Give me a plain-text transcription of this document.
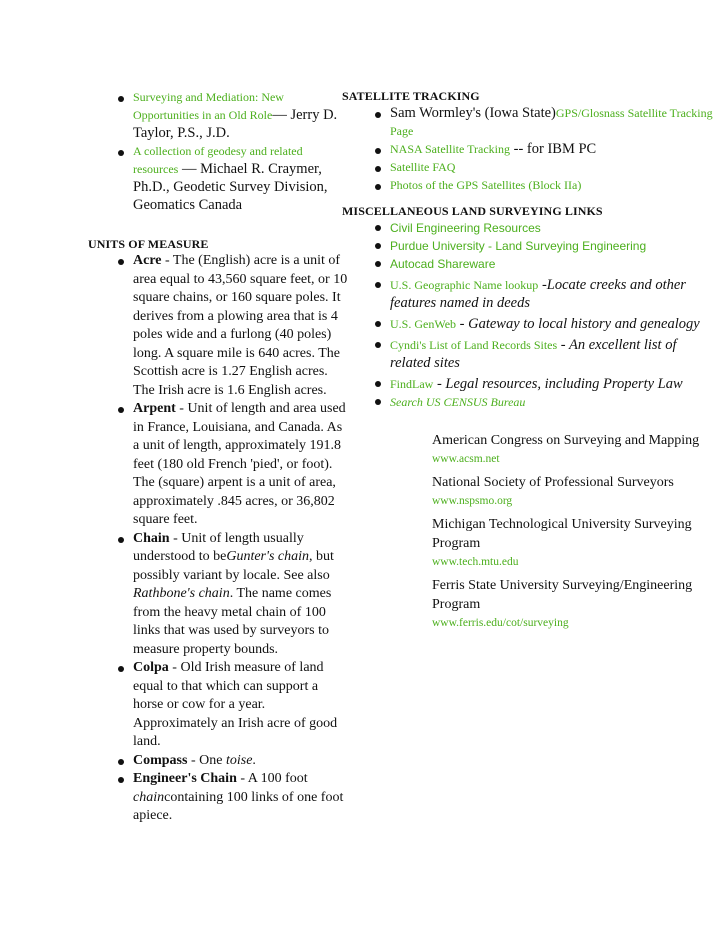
Surveying and Mediation: New Opportunities in an Old Role— Jerry D. Taylor, P.S., J.D.
A collection of geodesy and related resources — Michael R. Craymer, Ph.D., Geodetic Survey Division, Geomatics Canada
UNITS OF MEASURE
Acre - The (English) acre is a unit of area equal to 43,560 square feet, or 10 square chains, or 160 square poles. It derives from a plowing area that is 4 poles wide and a furlong (40 poles) long. A square mile is 640 acres. The Scottish acre is 1.27 English acres. The Irish acre is 1.6 English acres.
Arpent - Unit of length and area used in France, Louisiana, and Canada. As a unit of length, approximately 191.8 feet (180 old French 'pied', or foot). The (square) arpent is a unit of area, approximately .845 acres, or 36,802 square feet.
Chain - Unit of length usually understood to beGunter's chain, but possibly variant by locale. See also Rathbone's chain. The name comes from the heavy metal chain of 100 links that was used by surveyors to measure property bounds.
Colpa - Old Irish measure of land equal to that which can support a horse or cow for a year. Approximately an Irish acre of good land.
Compass - One toise.
Engineer's Chain - A 100 foot chaincontaining 100 links of one foot apiece.
SATELLITE TRACKING
Sam Wormley's (Iowa State)GPS/Glosnass Satellite Tracking Page
NASA Satellite Tracking -- for IBM PC
Satellite FAQ
Photos of the GPS Satellites (Block IIa)
MISCELLANEOUS LAND SURVEYING LINKS
Civil Engineering Resources
Purdue University - Land Surveying Engineering
Autocad Shareware
U.S. Geographic Name lookup -Locate creeks and other features named in deeds
U.S. GenWeb - Gateway to local history and genealogy
Cyndi's List of Land Records Sites - An excellent list of related sites
FindLaw - Legal resources, including Property Law
Search US CENSUS Bureau
American Congress on Surveying and Mapping
www.acsm.net
National Society of Professional Surveyors
www.nspsmo.org
Michigan Technological University Surveying Program
www.tech.mtu.edu
Ferris State University Surveying/Engineering Program
www.ferris.edu/cot/surveying
